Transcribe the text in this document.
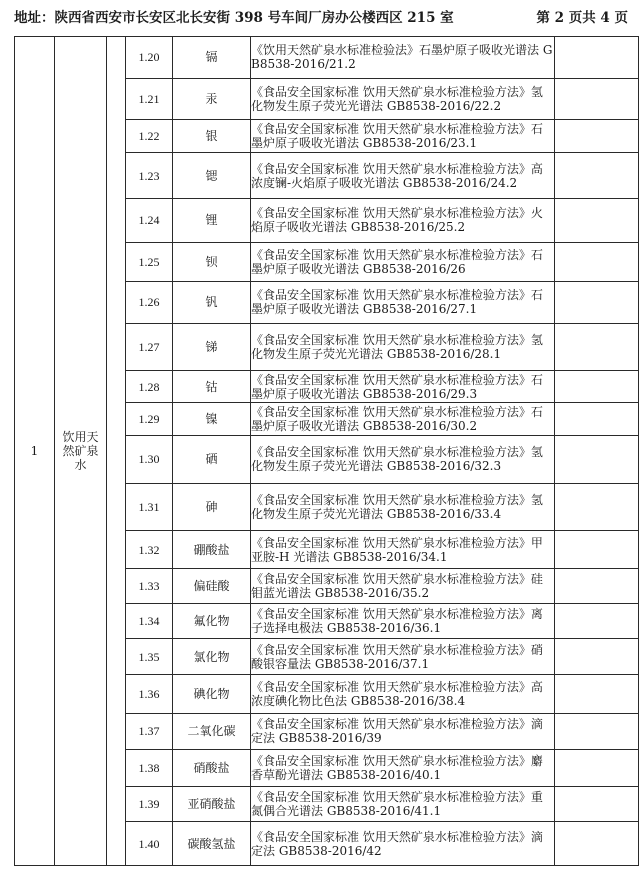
地址：陕西省西安市长安区北长安街 398 号车间厂房办公楼西区 215 室	第 2 页共 4 页
1	饮用天然矿泉水		1.20	镉	《饮用天然矿泉水标准检验法》石墨炉原子吸收光谱法 GB8538-2016/21.2	
			1.21	汞	《食品安全国家标准 饮用天然矿泉水标准检验方法》氢化物发生原子荧光光谱法 GB8538-2016/22.2	
			1.22	银	《食品安全国家标准 饮用天然矿泉水标准检验方法》石墨炉原子吸收光谱法 GB8538-2016/23.1	
			1.23	锶	《食品安全国家标准 饮用天然矿泉水标准检验方法》高浓度镧-火焰原子吸收光谱法 GB8538-2016/24.2	
			1.24	锂	《食品安全国家标准 饮用天然矿泉水标准检验方法》火焰原子吸收光谱法 GB8538-2016/25.2	
			1.25	钡	《食品安全国家标准 饮用天然矿泉水标准检验方法》石墨炉原子吸收光谱法 GB8538-2016/26	
			1.26	钒	《食品安全国家标准 饮用天然矿泉水标准检验方法》石墨炉原子吸收光谱法 GB8538-2016/27.1	
			1.27	锑	《食品安全国家标准 饮用天然矿泉水标准检验方法》氢化物发生原子荧光光谱法 GB8538-2016/28.1	
			1.28	钴	《食品安全国家标准 饮用天然矿泉水标准检验方法》石墨炉原子吸收光谱法 GB8538-2016/29.3	
			1.29	镍	《食品安全国家标准 饮用天然矿泉水标准检验方法》石墨炉原子吸收光谱法 GB8538-2016/30.2	
			1.30	硒	《食品安全国家标准 饮用天然矿泉水标准检验方法》氢化物发生原子荧光光谱法 GB8538-2016/32.3	
			1.31	砷	《食品安全国家标准 饮用天然矿泉水标准检验方法》氢化物发生原子荧光光谱法 GB8538-2016/33.4	
			1.32	硼酸盐	《食品安全国家标准 饮用天然矿泉水标准检验方法》甲亚胺-H 光谱法 GB8538-2016/34.1	
			1.33	偏硅酸	《食品安全国家标准 饮用天然矿泉水标准检验方法》硅钼蓝光谱法 GB8538-2016/35.2	
			1.34	氟化物	《食品安全国家标准 饮用天然矿泉水标准检验方法》离子选择电极法 GB8538-2016/36.1	
			1.35	氯化物	《食品安全国家标准 饮用天然矿泉水标准检验方法》硝酸银容量法 GB8538-2016/37.1	
			1.36	碘化物	《食品安全国家标准 饮用天然矿泉水标准检验方法》高浓度碘化物比色法 GB8538-2016/38.4	
			1.37	二氧化碳	《食品安全国家标准 饮用天然矿泉水标准检验方法》滴定法 GB8538-2016/39	
			1.38	硝酸盐	《食品安全国家标准 饮用天然矿泉水标准检验方法》麝香草酚光谱法 GB8538-2016/40.1	
			1.39	亚硝酸盐	《食品安全国家标准 饮用天然矿泉水标准检验方法》重氮偶合光谱法 GB8538-2016/41.1	
			1.40	碳酸氢盐	《食品安全国家标准 饮用天然矿泉水标准检验方法》滴定法 GB8538-2016/42	
